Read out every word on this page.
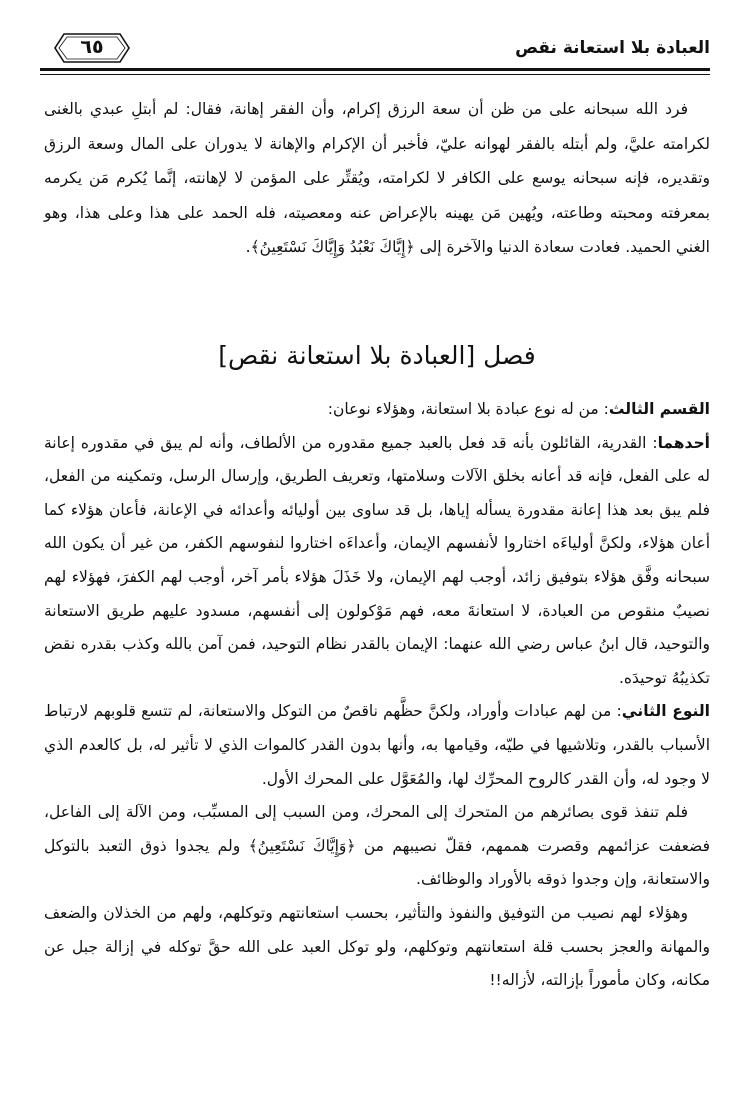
العبادة بلا استعانة نقص
٦٥

فرد الله سبحانه على من ظن أن سعة الرزق إكرام، وأن الفقر إهانة، فقال: لم أبتلِ عبدي بالغنى لكرامته عليَّ، ولم أبتله بالفقر لهوانه عليّ، فأخبر أن الإكرام والإهانة لا يدوران على المال وسعة الرزق وتقديره، فإنه سبحانه يوسع على الكافر لا لكرامته، ويُقتِّر على المؤمن لا لإهانته، إنَّما يُكرم مَن يكرمه بمعرفته ومحبته وطاعته، ويُهين مَن يهينه بالإعراض عنه ومعصيته، فله الحمد على هذا وعلى هذا، وهو الغني الحميد. فعادت سعادة الدنيا والآخرة إلى ﴿إِيَّاكَ نَعْبُدُ وَإِيَّاكَ نَسْتَعِينُ﴾.

فصل [العبادة بلا استعانة نقص]

القسم الثالث: من له نوع عبادة بلا استعانة، وهؤلاء نوعان:

أحدهما: القدرية، القائلون بأنه قد فعل بالعبد جميع مقدوره من الألطاف، وأنه لم يبق في مقدوره إعانة له على الفعل، فإنه قد أعانه بخلق الآلات وسلامتها، وتعريف الطريق، وإرسال الرسل، وتمكينه من الفعل، فلم يبق بعد هذا إعانة مقدورة يسأله إياها، بل قد ساوى بين أوليائه وأعدائه في الإعانة، فأعان هؤلاء كما أعان هؤلاء، ولكنَّ أولياءَه اختاروا لأنفسهم الإيمان، وأعداءَه اختاروا لنفوسهم الكفر، من غير أن يكون الله سبحانه وفَّق هؤلاء بتوفيق زائد، أوجب لهم الإيمان، ولا خَذَلَ هؤلاء بأمر آخر، أوجب لهم الكفرَ، فهؤلاء لهم نصيبٌ منقوص من العبادة، لا استعانةَ معه، فهم مَوْكولون إلى أنفسهم، مسدود عليهم طريق الاستعانة والتوحيد، قال ابنُ عباس رضي الله عنهما: الإيمان بالقدر نظام التوحيد، فمن آمن بالله وكذب بقدره نقض تكذيبُهُ توحيدَه.

النوع الثاني: من لهم عبادات وأوراد، ولكنَّ حظَّهم ناقصٌ من التوكل والاستعانة، لم تتسع قلوبهم لارتباط الأسباب بالقدر، وتلاشيها في طيّه، وقيامها به، وأنها بدون القدر كالموات الذي لا تأثير له، بل كالعدم الذي لا وجود له، وأن القدر كالروح المحرِّك لها، والمُعَوَّل على المحرك الأول.

فلم تنفذ قوى بصائرهم من المتحرك إلى المحرك، ومن السبب إلى المسبِّب، ومن الآلة إلى الفاعل، فضعفت عزائمهم وقصرت هممهم، فقلّ نصيبهم من ﴿وَإِيَّاكَ نَسْتَعِينُ﴾ ولم يجدوا ذوق التعبد بالتوكل والاستعانة، وإن وجدوا ذوقه بالأوراد والوظائف.

وهؤلاء لهم نصيب من التوفيق والنفوذ والتأثير، بحسب استعانتهم وتوكلهم، ولهم من الخذلان والضعف والمهانة والعجز بحسب قلة استعانتهم وتوكلهم، ولو توكل العبد على الله حقَّ توكله في إزالة جبل عن مكانه، وكان مأموراً بإزالته، لأزاله!!
